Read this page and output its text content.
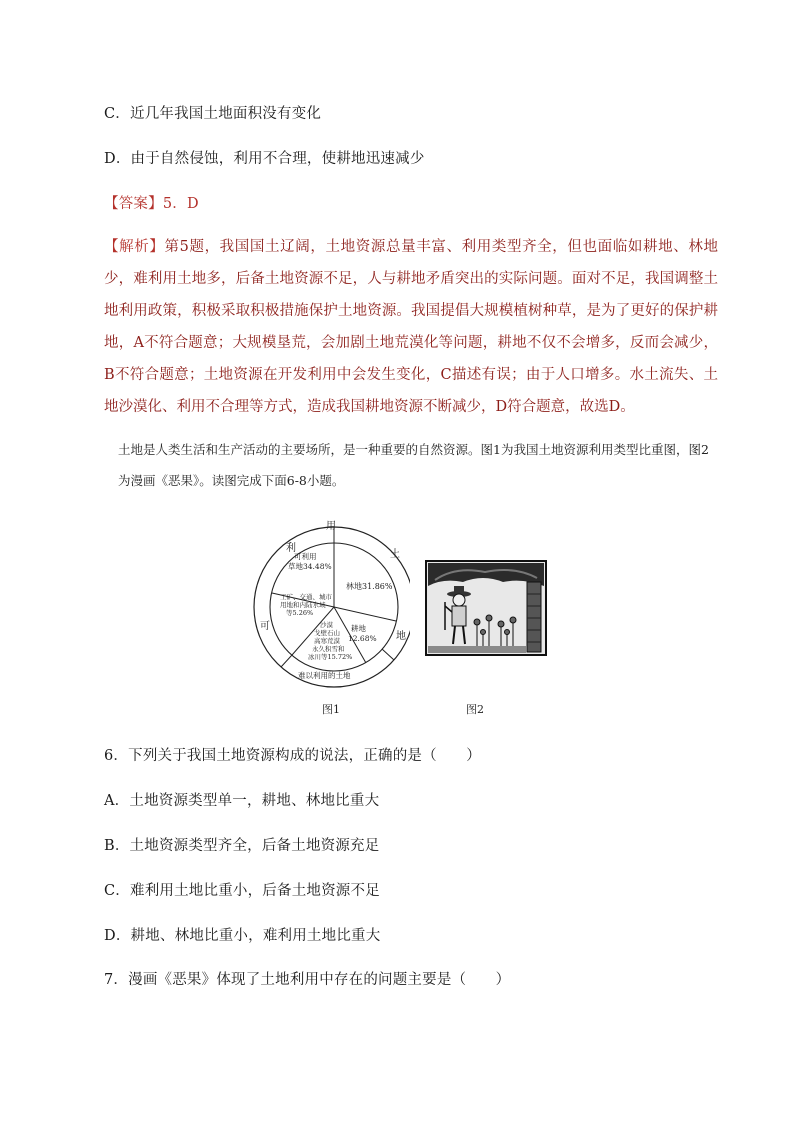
C．近几年我国土地面积没有变化
D．由于自然侵蚀，利用不合理，使耕地迅速减少
【答案】5．D
【解析】第5题，我国国土辽阔，土地资源总量丰富、利用类型齐全，但也面临如耕地、林地少，难利用土地多，后备土地资源不足，人与耕地矛盾突出的实际问题。面对不足，我国调整土地利用政策，积极采取积极措施保护土地资源。我国提倡大规模植树种草，是为了更好的保护耕地，A不符合题意；大规模垦荒，会加剧土地荒漠化等问题，耕地不仅不会增多，反而会减少，B不符合题意；土地资源在开发利用中会发生变化，C描述有误；由于人口增多。水土流失、土地沙漠化、利用不合理等方式，造成我国耕地资源不断减少，D符合题意，故选D。
土地是人类生活和生产活动的主要场所，是一种重要的自然资源。图1为我国土地资源利用类型比重图，图2为漫画《恶果》。读图完成下面6-8小题。
用
土
地
利
可
林地31.86%
耕地
12.68%
沙漠
戈壁石山
高寒荒漠
永久积雪和
冰川等15.72%
工矿、交通、城市
用地和内陆水域
等5.26%
可利用
草地34.48%
难以利用的土地
图1	图2
6．下列关于我国土地资源构成的说法，正确的是（　　）
A．土地资源类型单一，耕地、林地比重大
B．土地资源类型齐全，后备土地资源充足
C．难利用土地比重小，后备土地资源不足
D．耕地、林地比重小，难利用土地比重大
7．漫画《恶果》体现了土地利用中存在的问题主要是（　　）
